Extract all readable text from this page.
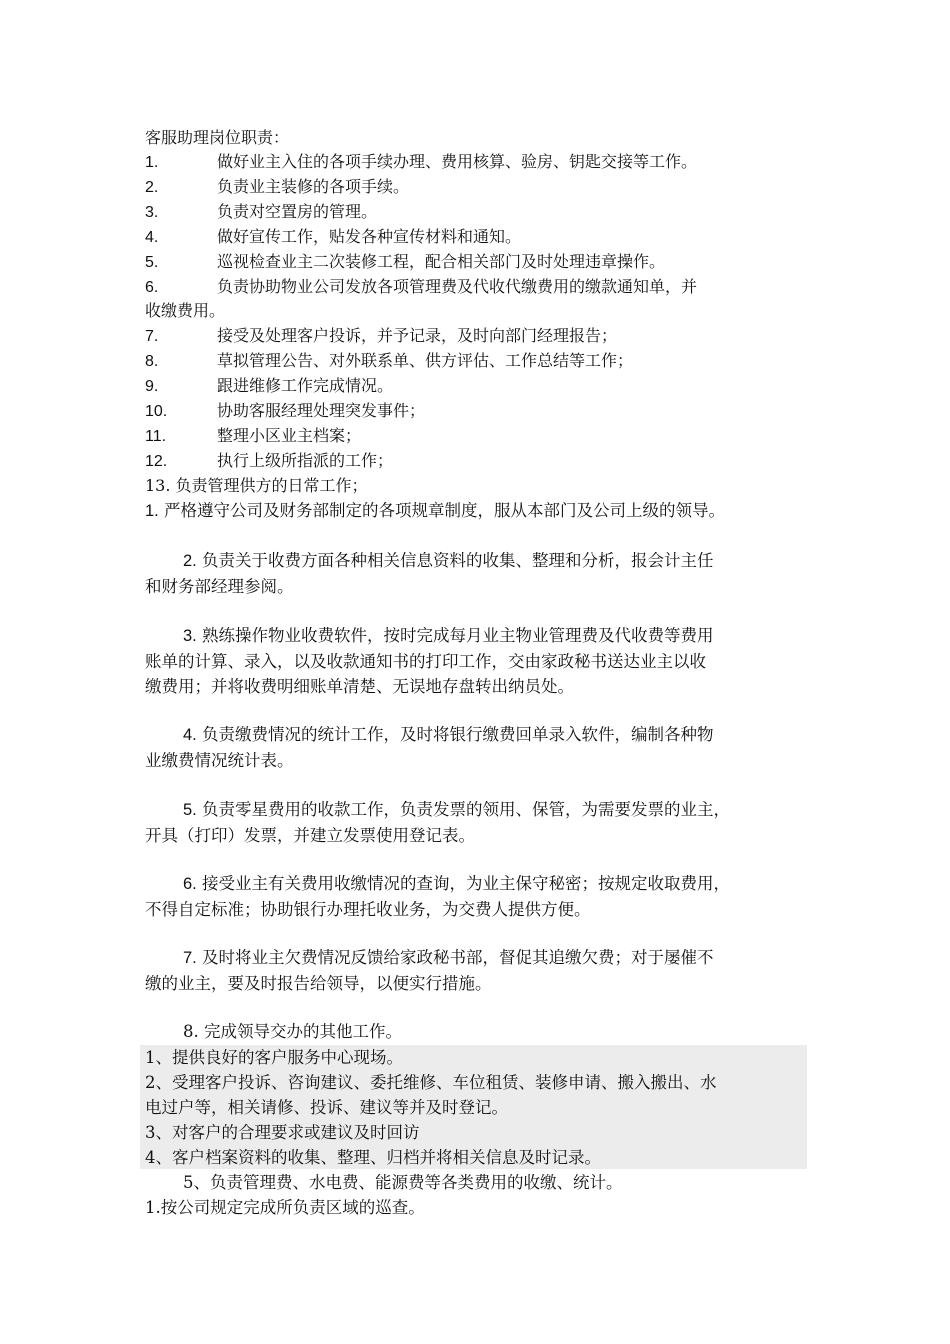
客服助理岗位职责：
1.	做好业主入住的各项手续办理、费用核算、验房、钥匙交接等工作。
2.	负责业主装修的各项手续。
3.	负责对空置房的管理。
4.	做好宣传工作，贴发各种宣传材料和通知。
5.	巡视检查业主二次装修工程，配合相关部门及时处理违章操作。
6.	负责协助物业公司发放各项管理费及代收代缴费用的缴款通知单，并
收缴费用。
7.	接受及处理客户投诉，并予记录，及时向部门经理报告；
8.	草拟管理公告、对外联系单、供方评估、工作总结等工作；
9.	跟进维修工作完成情况。
10.	协助客服经理处理突发事件；
11.	整理小区业主档案；
12.	执行上级所指派的工作；
13. 负责管理供方的日常工作；
1. 严格遵守公司及财务部制定的各项规章制度，服从本部门及公司上级的领导。
2. 负责关于收费方面各种相关信息资料的收集、整理和分析，报会计主任
和财务部经理参阅。
3. 熟练操作物业收费软件，按时完成每月业主物业管理费及代收费等费用
账单的计算、录入，以及收款通知书的打印工作，交由家政秘书送达业主以收
缴费用；并将收费明细账单清楚、无误地存盘转出纳员处。
4. 负责缴费情况的统计工作，及时将银行缴费回单录入软件，编制各种物
业缴费情况统计表。
5. 负责零星费用的收款工作，负责发票的领用、保管，为需要发票的业主，
开具（打印）发票，并建立发票使用登记表。
6. 接受业主有关费用收缴情况的查询，为业主保守秘密；按规定收取费用，
不得自定标准；协助银行办理托收业务，为交费人提供方便。
7. 及时将业主欠费情况反馈给家政秘书部，督促其追缴欠费；对于屡催不
缴的业主，要及时报告给领导，以便实行措施。
8. 完成领导交办的其他工作。
1、提供良好的客户服务中心现场。
2、受理客户投诉、咨询建议、委托维修、车位租赁、装修申请、搬入搬出、水
电过户等，相关请修、投诉、建议等并及时登记。
3、对客户的合理要求或建议及时回访
4、客户档案资料的收集、整理、归档并将相关信息及时记录。
5、负责管理费、水电费、能源费等各类费用的收缴、统计。
1.按公司规定完成所负责区域的巡查。
